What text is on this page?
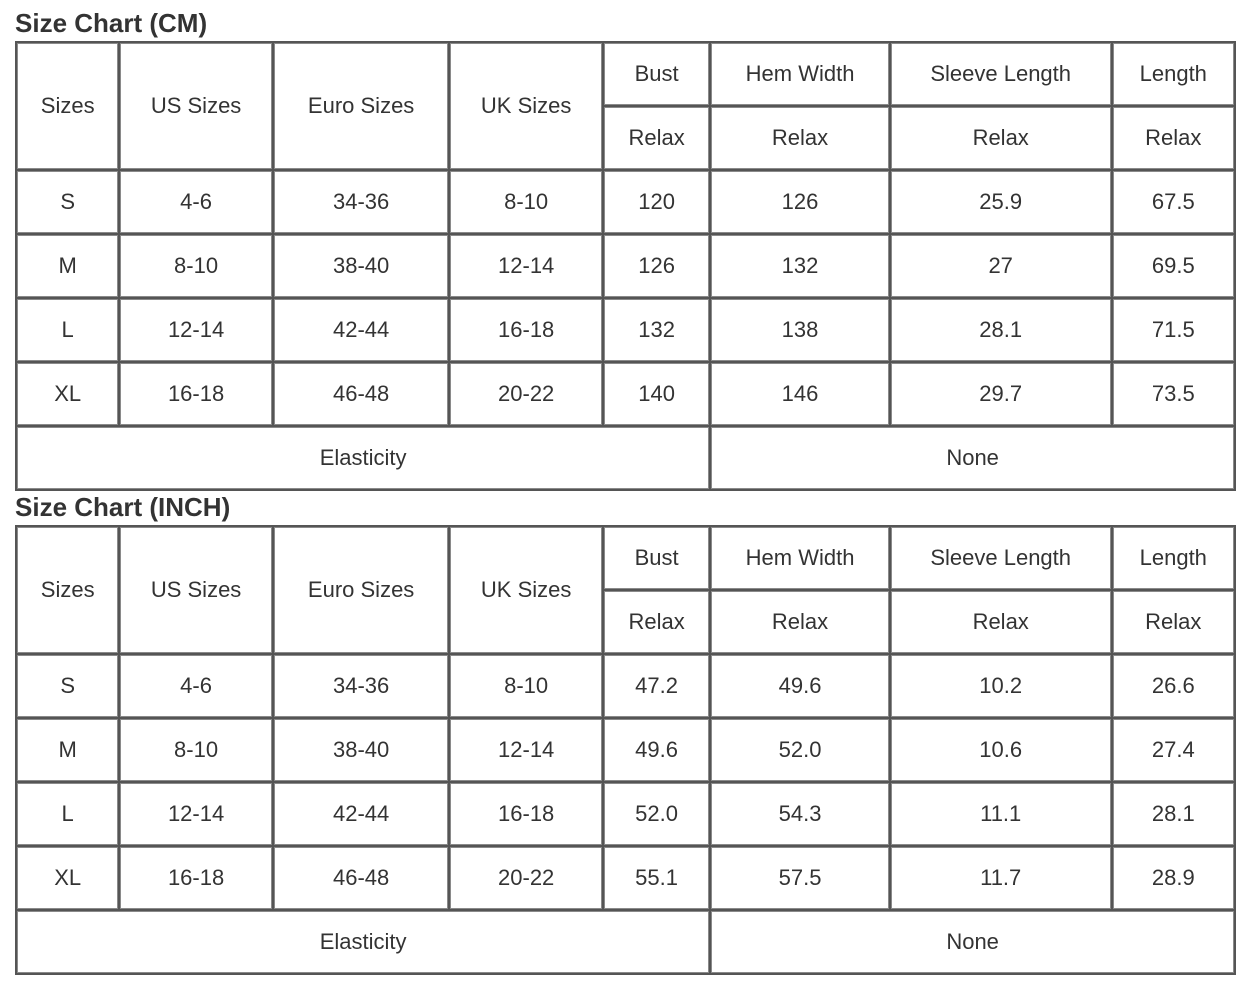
Size Chart (CM)
Sizes	US Sizes	Euro Sizes	UK Sizes	Bust	Hem Width	Sleeve Length	Length
				Relax	Relax	Relax	Relax
S	4-6	34-36	8-10	120	126	25.9	67.5
M	8-10	38-40	12-14	126	132	27	69.5
L	12-14	42-44	16-18	132	138	28.1	71.5
XL	16-18	46-48	20-22	140	146	29.7	73.5
Elasticity					None		
Size Chart (INCH)
Sizes	US Sizes	Euro Sizes	UK Sizes	Bust	Hem Width	Sleeve Length	Length
				Relax	Relax	Relax	Relax
S	4-6	34-36	8-10	47.2	49.6	10.2	26.6
M	8-10	38-40	12-14	49.6	52.0	10.6	27.4
L	12-14	42-44	16-18	52.0	54.3	11.1	28.1
XL	16-18	46-48	20-22	55.1	57.5	11.7	28.9
Elasticity					None		
